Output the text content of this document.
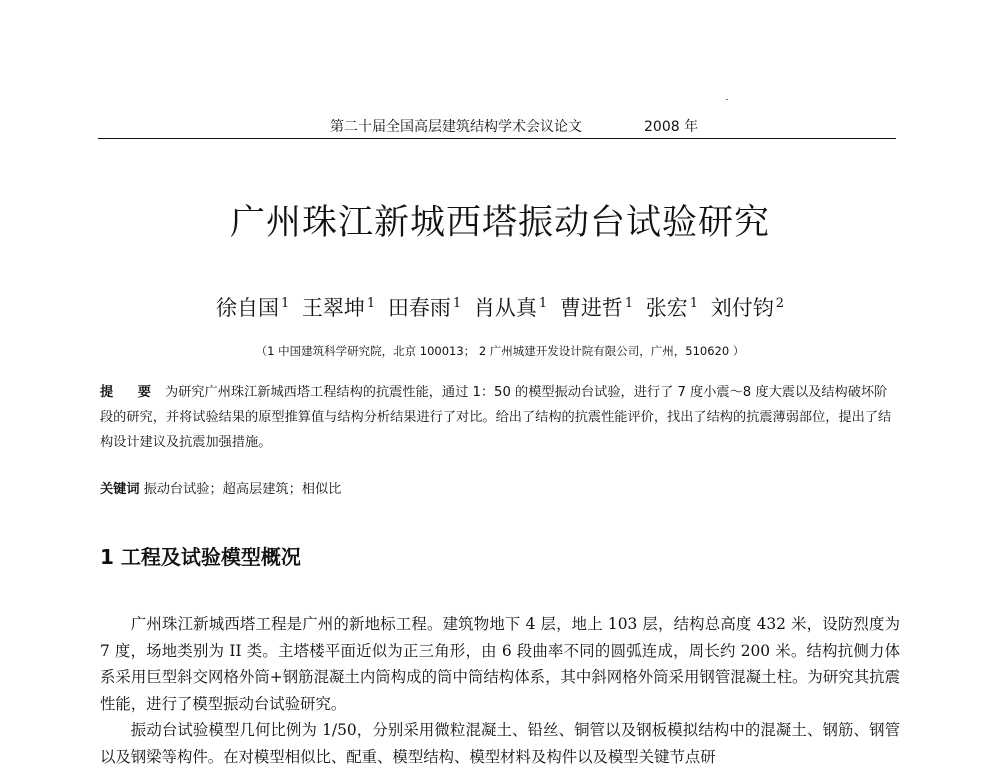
第二十届全国高层建筑结构学术会议论文	2008 年
广州珠江新城西塔振动台试验研究
徐自国 $^1$ 王翠坤 $^1$ 田春雨 $^1$ 肖从真 $^1$ 曹进哲 $^1$ 张宏 $^1$ 刘付钧 $^2$
（1 中国建筑科学研究院，北京 100013； 2 广州城建开发设计院有限公司，广州，510620 ）
提 要 为研究广州珠江新城西塔工程结构的抗震性能，通过 1：50 的模型振动台试验，进行了 7 度小震～8 度大震以及结构破坏阶段的研究，并将试验结果的原型推算值与结构分析结果进行了对比。给出了结构的抗震性能评价，找出了结构的抗震薄弱部位，提出了结构设计建议及抗震加强措施。
关键词 振动台试验；超高层建筑；相似比
1 工程及试验模型概况

广州珠江新城西塔工程是广州的新地标工程。建筑物地下 4 层，地上 103 层，结构总高度 432 米，设防烈度为 7 度，场地类别为 II 类。主塔楼平面近似为正三角形，由 6 段曲率不同的圆弧连成，周长约 200 米。结构抗侧力体系采用巨型斜交网格外筒+钢筋混凝土内筒构成的筒中筒结构体系，其中斜网格外筒采用钢管混凝土柱。为研究其抗震性能，进行了模型振动台试验研究。

振动台试验模型几何比例为 1/50，分别采用微粒混凝土、铅丝、铜管以及钢板模拟结构中的混凝土、钢筋、钢管以及钢梁等构件。在对模型相似比、配重、模型结构、模型材料及构件以及模型关键节点研
